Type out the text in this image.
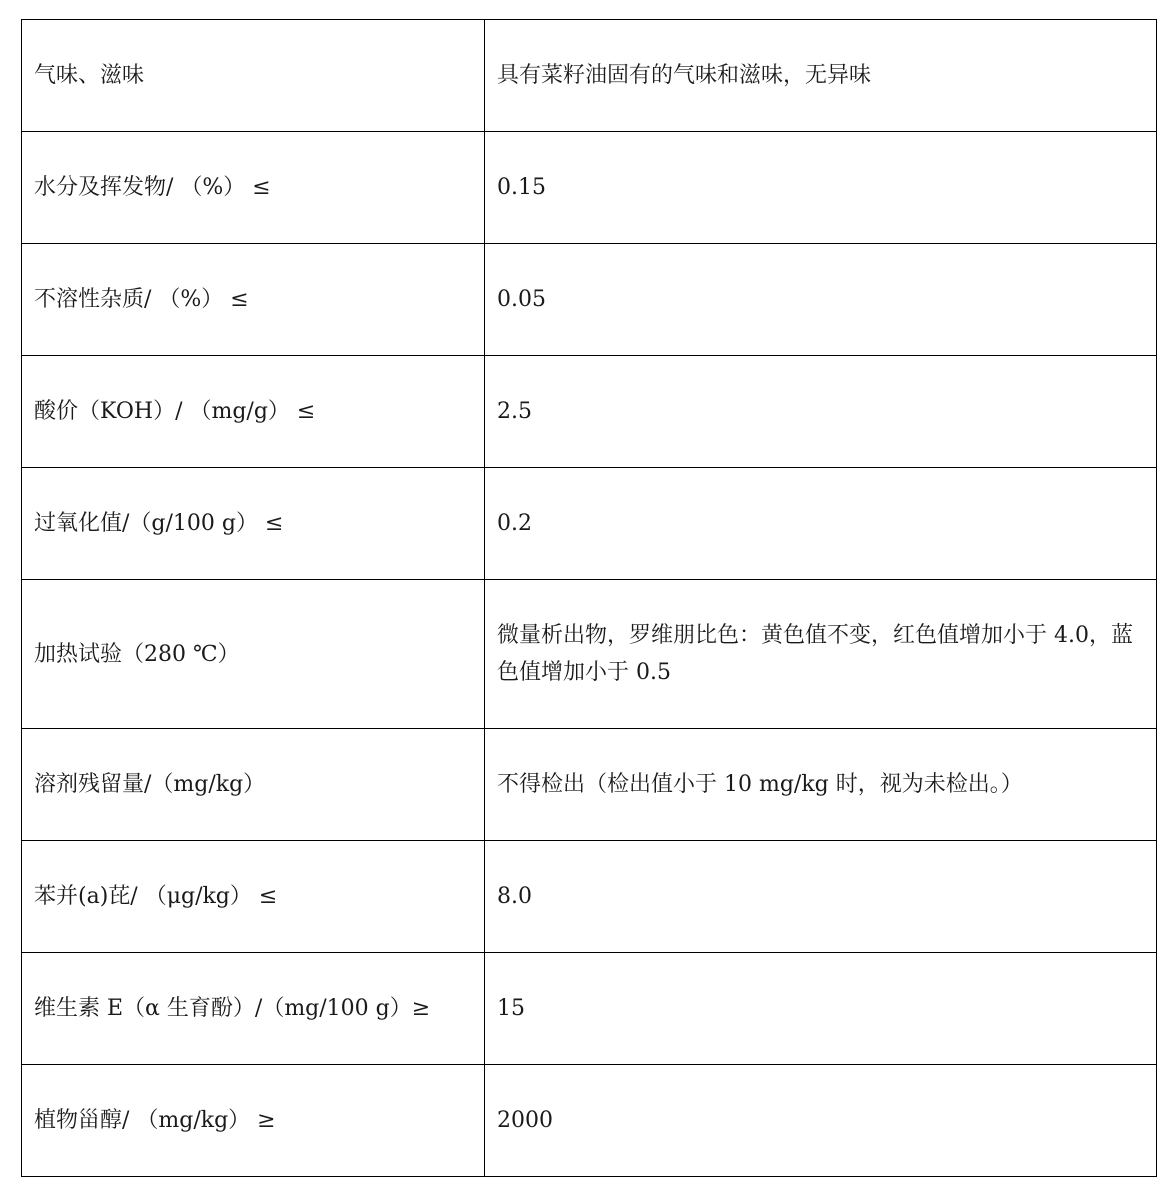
气味、滋味	具有菜籽油固有的气味和滋味，无异味
水分及挥发物/ （%） ≤	0.15
不溶性杂质/ （%） ≤	0.05
酸价（KOH）/ （mg/g） ≤	2.5
过氧化值/（g/100 g） ≤	0.2
加热试验（280 ℃）	微量析出物，罗维朋比色：黄色值不变，红色值增加小于 4.0，蓝色值增加小于 0.5
溶剂残留量/（mg/kg）	不得检出（检出值小于 10 mg/kg 时，视为未检出。）
苯并(a)芘/ （μg/kg） ≤	8.0
维生素 E（α 生育酚）/（mg/100 g）≥	15
植物甾醇/ （mg/kg） ≥	2000
